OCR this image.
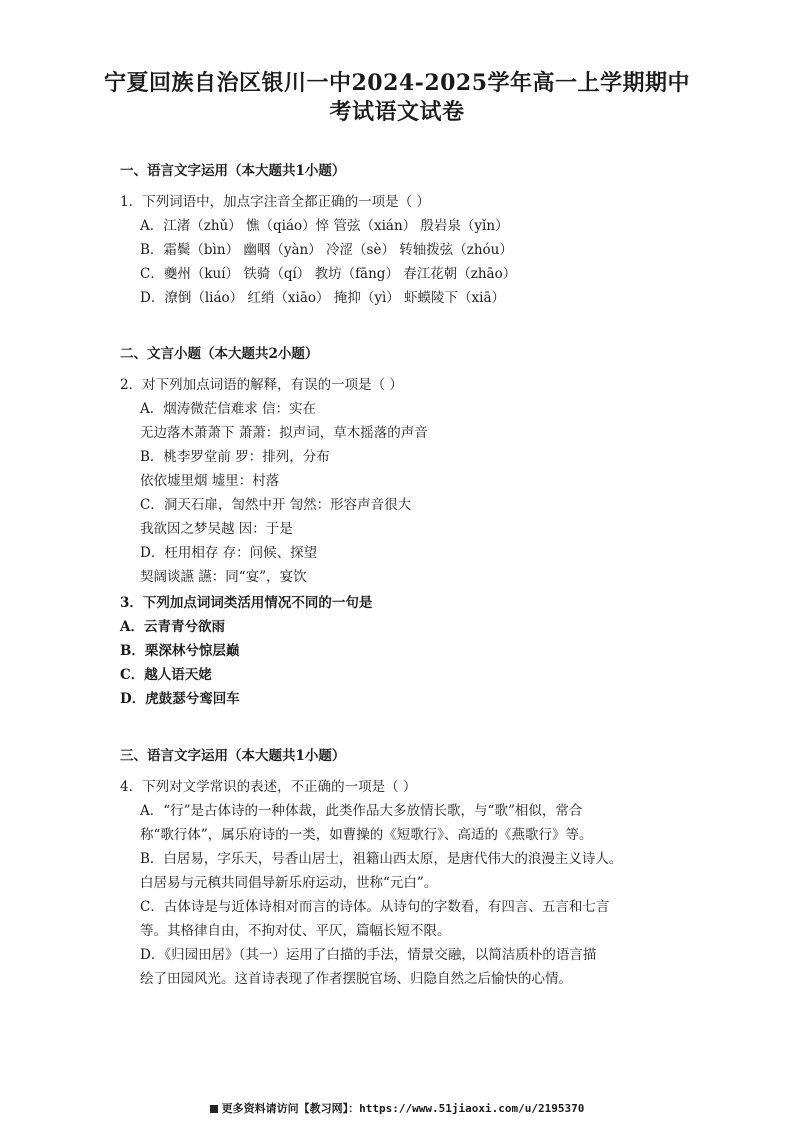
宁夏回族自治区银川一中2024-2025学年高一上学期期中
考试语文试卷
一、语言文字运用（本大题共1小题）
1．下列词语中，加点字注音全都正确的一项是（ ）
A．江渚（zhǔ） 憔（qiáo）悴 管弦（xián） 殷岩泉（yǐn）
B．霜鬓（bìn） 幽咽（yàn） 冷涩（sè） 转轴拨弦（zhóu）
C．夔州（kuí） 铁骑（qí） 教坊（fāng） 春江花朝（zhāo）
D．潦倒（liáo） 红绡（xiāo） 掩抑（yì） 虾蟆陵下（xiā）
二、文言小题（本大题共2小题）
2．对下列加点词语的解释，有误的一项是（ ）
A．烟涛微茫信难求 信：实在
无边落木萧萧下 萧萧：拟声词，草木摇落的声音
B．桃李罗堂前 罗：排列，分布
依依墟里烟 墟里：村落
C．洞天石扉，訇然中开 訇然：形容声音很大
我欲因之梦吴越 因：于是
D．枉用相存 存：问候、探望
契阔谈讌 讌：同“宴”，宴饮
3．下列加点词词类活用情况不同的一句是
A．云青青兮欲雨
B．栗深林兮惊层巅
C．越人语天姥
D．虎鼓瑟兮鸾回车
三、语言文字运用（本大题共1小题）
4．下列对文学常识的表述，不正确的一项是（ ）
A．“行”是古体诗的一种体裁，此类作品大多放情长歌，与“歌”相似，常合
称“歌行体”，属乐府诗的一类，如曹操的《短歌行》、高适的《燕歌行》等。
B．白居易，字乐天，号香山居士，祖籍山西太原，是唐代伟大的浪漫主义诗人。
白居易与元稹共同倡导新乐府运动，世称“元白”。
C．古体诗是与近体诗相对而言的诗体。从诗句的字数看，有四言、五言和七言
等。其格律自由，不拘对仗、平仄，篇幅长短不限。
D．《归园田居》（其一）运用了白描的手法，情景交融，以简洁质朴的语言描
绘了田园风光。这首诗表现了作者摆脱官场、归隐自然之后愉快的心情。
更多资料请访问【教习网】：https://www.51jiaoxi.com/u/2195370
